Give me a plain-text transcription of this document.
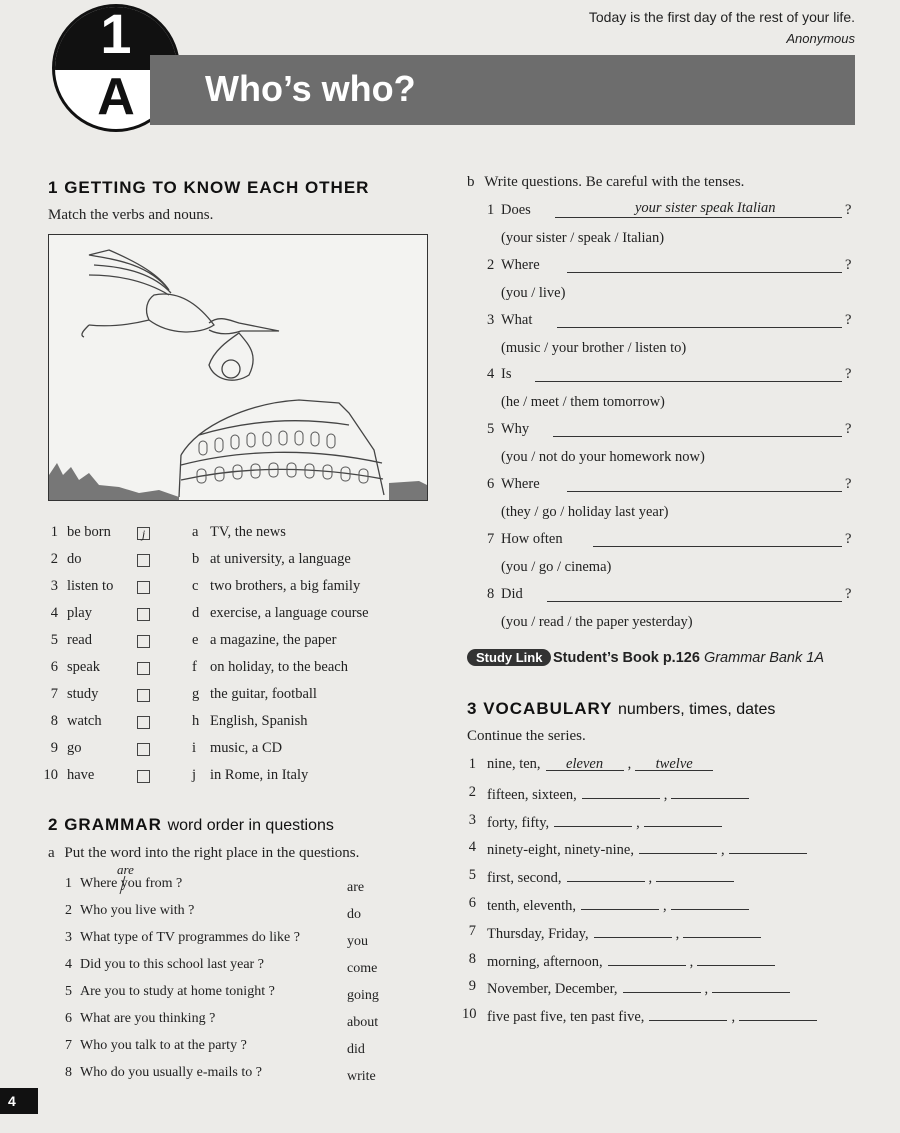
1
A	Who’s who?
Today is the first day of the rest of your life.
Anonymous
1 GETTING TO KNOW EACH OTHER
Match the verbs and nouns.
1 be born	j	a TV, the news
2 do	b at university, a language
3 listen to	c two brothers, a big family
4 play	d exercise, a language course
5 read	e a magazine, the paper
6 speak	f on holiday, to the beach
7 study	g the guitar, football
8 watch	h English, Spanish
9 go	i music, a CD
10 have	j in Rome, in Italy
2 GRAMMAR word order in questions
a Put the word into the right place in the questions.
are
1 Where you from ?	are
2 Who you live with ?	do
3 What type of TV programmes do like ?	you
4 Did you to this school last year ?	come
5 Are you to study at home tonight ?	going
6 What are you thinking ?	about
7 Who you talk to at the party ?	did
8 Who do you usually e-mails to ?	write
b Write questions. Be careful with the tenses.
1 Does	your sister speak Italian	?
(your sister / speak / Italian)
2 Where	?
(you / live)
3 What	?
(music / your brother / listen to)
4 Is	?
(he / meet / them tomorrow)
5 Why	?
(you / not do your homework now)
6 Where	?
(they / go / holiday last year)
7 How often	?
(you / go / cinema)
8 Did	?
(you / read / the paper yesterday)
Study Link Student’s Book p.126 Grammar Bank 1A
3 VOCABULARY numbers, times, dates
Continue the series.
1 nine, ten, eleven , twelve
2 fifteen, sixteen,	,
3 forty, fifty,	,
4 ninety-eight, ninety-nine,	,
5 first, second,	,
6 tenth, eleventh,	,
7 Thursday, Friday,	,
8 morning, afternoon,	,
9 November, December,	,
10 five past five, ten past five,	,
4
